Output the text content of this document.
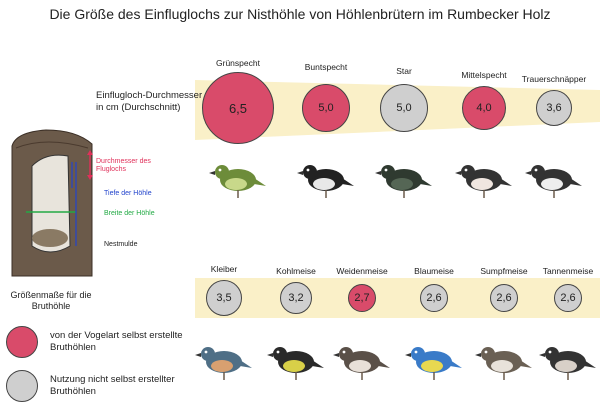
Die Größe des Einfluglochs zur Nisthöhle von Höhlenbrütern im Rumbecker Holz
Einflugloch-Durchmesser in cm (Durchschnitt)
Durchmesser des Fluglochs
Tiefe der Höhle
Breite der Höhle
Nestmulde
Größenmaße für die Bruthöhle
Grünspecht
6,5
Buntspecht
5,0
Star
5,0
Mittelspecht
4,0
Trauerschnäpper
3,6
Kleiber
3,5
Kohlmeise
3,2
Weidenmeise
2,7
Blaumeise
2,6
Sumpfmeise
2,6
Tannenmeise
2,6
von der Vogelart selbst erstellte Bruthöhlen
Nutzung nicht selbst erstellter Bruthöhlen
